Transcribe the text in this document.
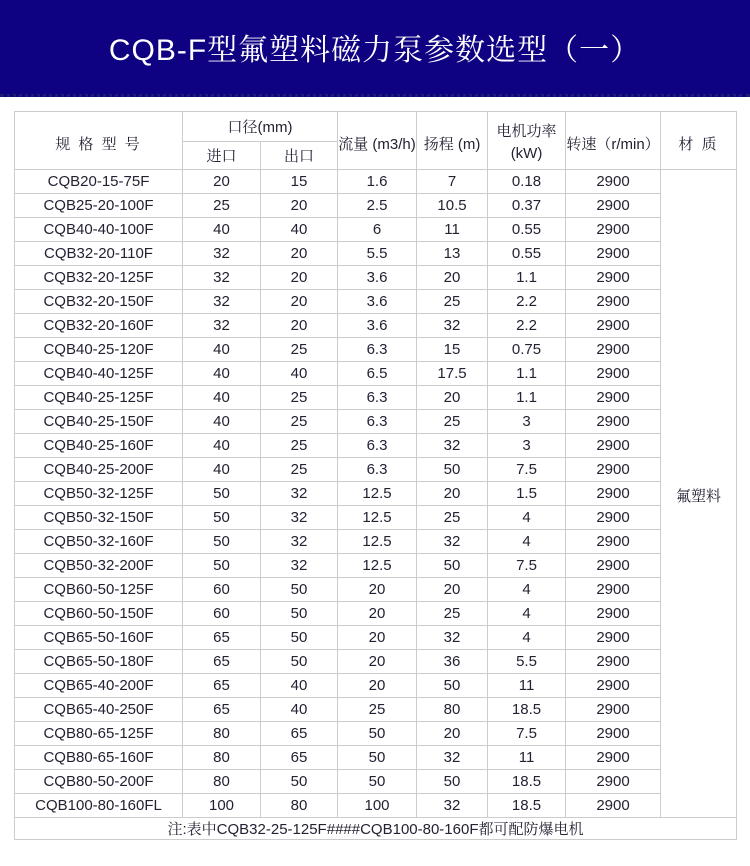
CQB-F型氟塑料磁力泵参数选型（一）
规 格 型 号	口径(mm)		流量 (m3/h)	扬程 (m)	电机功率 (kW)	转速（r/min）	材 质
	进口	出口					
CQB20-15-75F	20	15	1.6	7	0.18	2900	氟塑料
CQB25-20-100F	25	20	2.5	10.5	0.37	2900	
CQB40-40-100F	40	40	6	11	0.55	2900	
CQB32-20-110F	32	20	5.5	13	0.55	2900	
CQB32-20-125F	32	20	3.6	20	1.1	2900	
CQB32-20-150F	32	20	3.6	25	2.2	2900	
CQB32-20-160F	32	20	3.6	32	2.2	2900	
CQB40-25-120F	40	25	6.3	15	0.75	2900	
CQB40-40-125F	40	40	6.5	17.5	1.1	2900	
CQB40-25-125F	40	25	6.3	20	1.1	2900	
CQB40-25-150F	40	25	6.3	25	3	2900	
CQB40-25-160F	40	25	6.3	32	3	2900	
CQB40-25-200F	40	25	6.3	50	7.5	2900	
CQB50-32-125F	50	32	12.5	20	1.5	2900	
CQB50-32-150F	50	32	12.5	25	4	2900	
CQB50-32-160F	50	32	12.5	32	4	2900	
CQB50-32-200F	50	32	12.5	50	7.5	2900	
CQB60-50-125F	60	50	20	20	4	2900	
CQB60-50-150F	60	50	20	25	4	2900	
CQB65-50-160F	65	50	20	32	4	2900	
CQB65-50-180F	65	50	20	36	5.5	2900	
CQB65-40-200F	65	40	20	50	11	2900	
CQB65-40-250F	65	40	25	80	18.5	2900	
CQB80-65-125F	80	65	50	20	7.5	2900	
CQB80-65-160F	80	65	50	32	11	2900	
CQB80-50-200F	80	50	50	50	18.5	2900	
CQB100-80-160FL	100	80	100	32	18.5	2900	
注:表中CQB32-25-125F####CQB100-80-160F都可配防爆电机							
